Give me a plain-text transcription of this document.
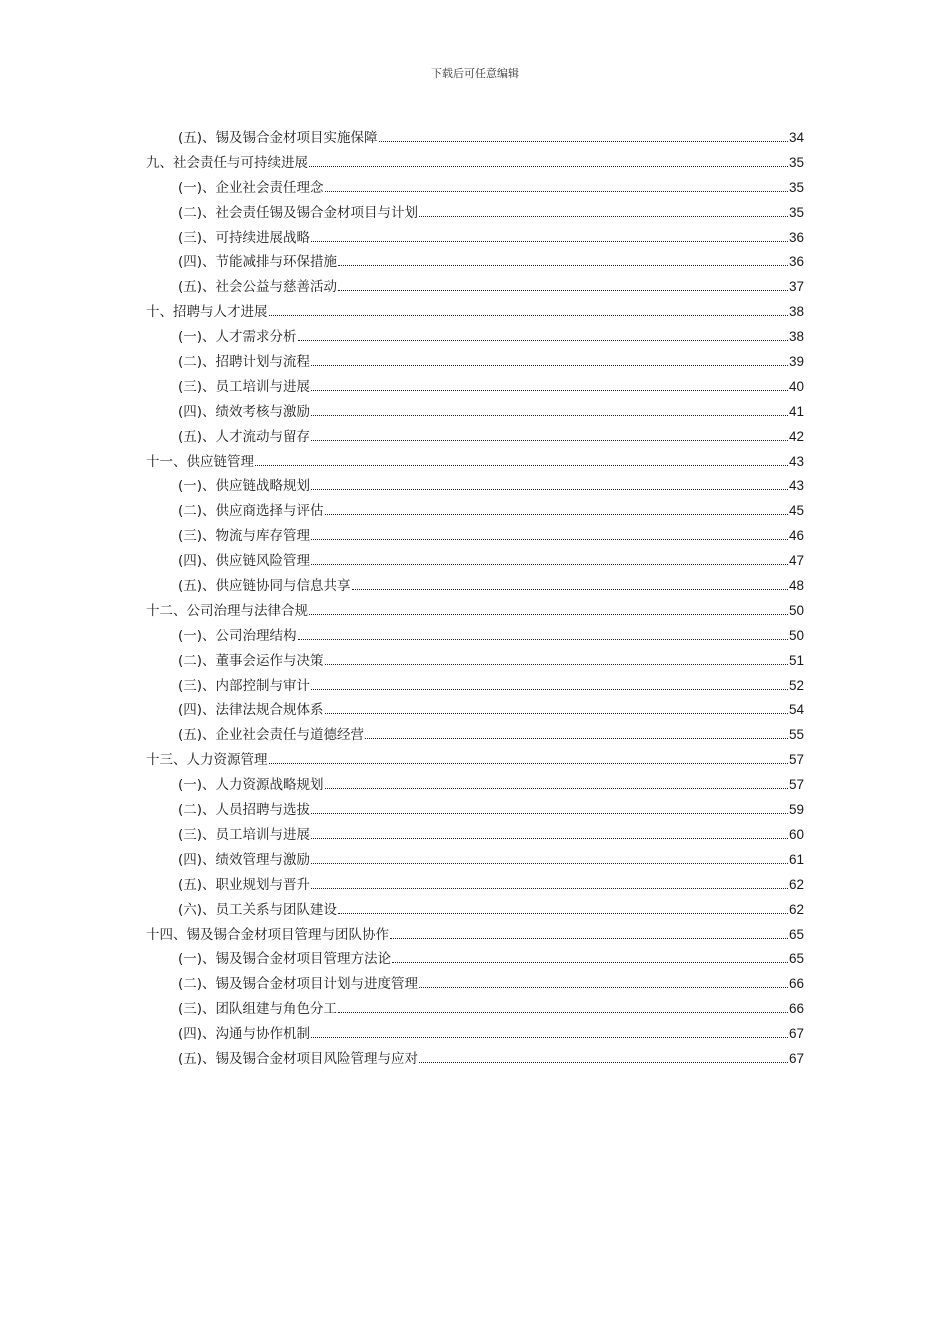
下载后可任意编辑
(五)、锡及锡合金材项目实施保障	34
九、社会责任与可持续进展	35
(一)、企业社会责任理念	35
(二)、社会责任锡及锡合金材项目与计划	35
(三)、可持续进展战略	36
(四)、节能减排与环保措施	36
(五)、社会公益与慈善活动	37
十、招聘与人才进展	38
(一)、人才需求分析	38
(二)、招聘计划与流程	39
(三)、员工培训与进展	40
(四)、绩效考核与激励	41
(五)、人才流动与留存	42
十一、供应链管理	43
(一)、供应链战略规划	43
(二)、供应商选择与评估	45
(三)、物流与库存管理	46
(四)、供应链风险管理	47
(五)、供应链协同与信息共享	48
十二、公司治理与法律合规	50
(一)、公司治理结构	50
(二)、董事会运作与决策	51
(三)、内部控制与审计	52
(四)、法律法规合规体系	54
(五)、企业社会责任与道德经营	55
十三、人力资源管理	57
(一)、人力资源战略规划	57
(二)、人员招聘与选拔	59
(三)、员工培训与进展	60
(四)、绩效管理与激励	61
(五)、职业规划与晋升	62
(六)、员工关系与团队建设	62
十四、锡及锡合金材项目管理与团队协作	65
(一)、锡及锡合金材项目管理方法论	65
(二)、锡及锡合金材项目计划与进度管理	66
(三)、团队组建与角色分工	66
(四)、沟通与协作机制	67
(五)、锡及锡合金材项目风险管理与应对	67
